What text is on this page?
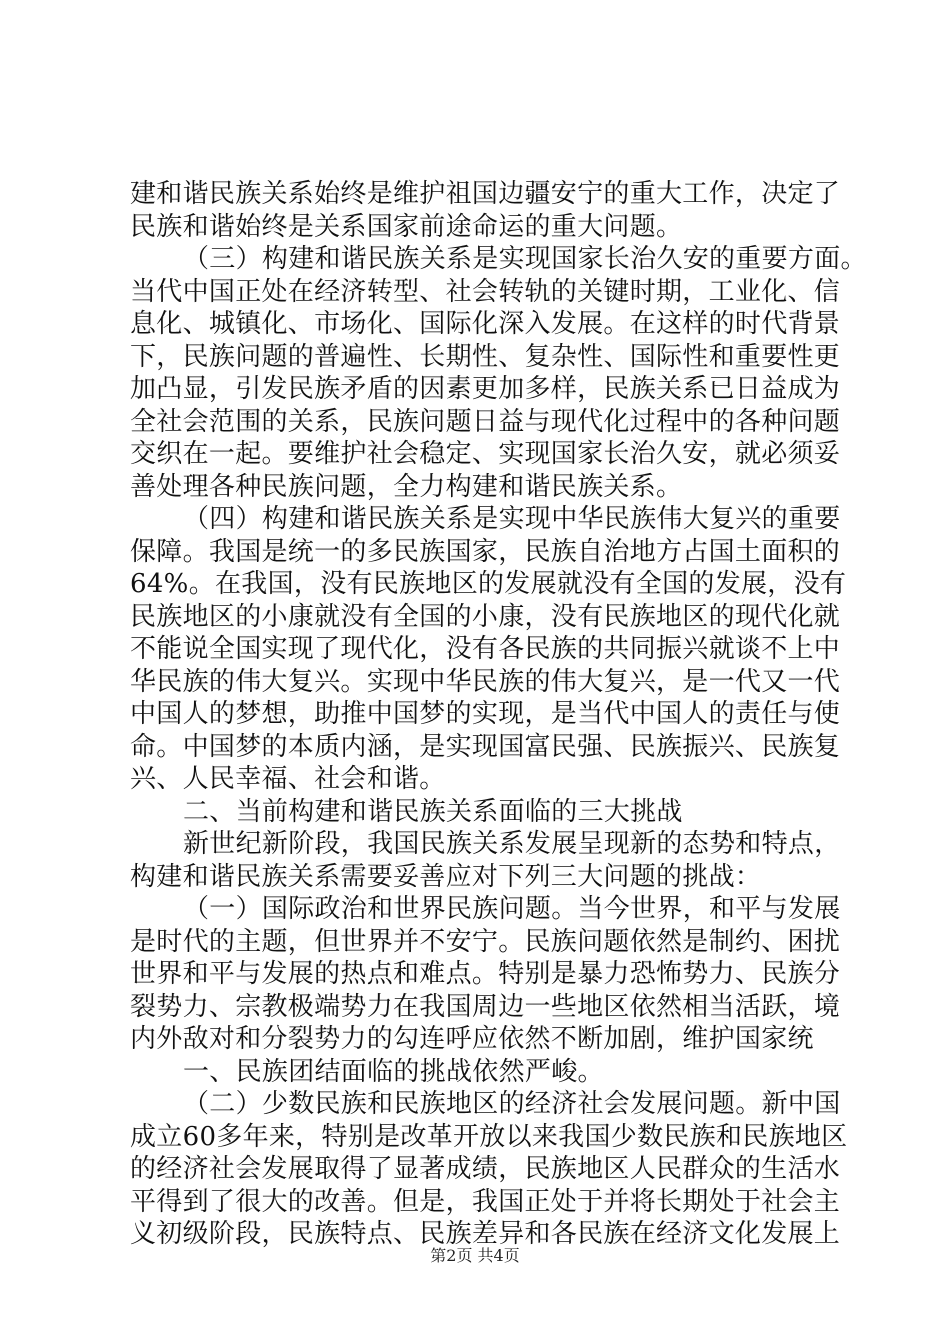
建和谐民族关系始终是维护祖国边疆安宁的重大工作，决定了
民族和谐始终是关系国家前途命运的重大问题。
（三）构建和谐民族关系是实现国家长治久安的重要方面。
当代中国正处在经济转型、社会转轨的关键时期，工业化、信
息化、城镇化、市场化、国际化深入发展。在这样的时代背景
下，民族问题的普遍性、长期性、复杂性、国际性和重要性更
加凸显，引发民族矛盾的因素更加多样，民族关系已日益成为
全社会范围的关系，民族问题日益与现代化过程中的各种问题
交织在一起。要维护社会稳定、实现国家长治久安，就必须妥
善处理各种民族问题，全力构建和谐民族关系。
（四）构建和谐民族关系是实现中华民族伟大复兴的重要
保障。我国是统一的多民族国家，民族自治地方占国土面积的
64%。在我国，没有民族地区的发展就没有全国的发展，没有
民族地区的小康就没有全国的小康，没有民族地区的现代化就
不能说全国实现了现代化，没有各民族的共同振兴就谈不上中
华民族的伟大复兴。实现中华民族的伟大复兴，是一代又一代
中国人的梦想，助推中国梦的实现，是当代中国人的责任与使
命。中国梦的本质内涵，是实现国富民强、民族振兴、民族复
兴、人民幸福、社会和谐。
二、当前构建和谐民族关系面临的三大挑战
新世纪新阶段，我国民族关系发展呈现新的态势和特点，
构建和谐民族关系需要妥善应对下列三大问题的挑战：
（一）国际政治和世界民族问题。当今世界，和平与发展
是时代的主题，但世界并不安宁。民族问题依然是制约、困扰
世界和平与发展的热点和难点。特别是暴力恐怖势力、民族分
裂势力、宗教极端势力在我国周边一些地区依然相当活跃，境
内外敌对和分裂势力的勾连呼应依然不断加剧，维护国家统
一、民族团结面临的挑战依然严峻。
（二）少数民族和民族地区的经济社会发展问题。新中国
成立60多年来，特别是改革开放以来我国少数民族和民族地区
的经济社会发展取得了显著成绩，民族地区人民群众的生活水
平得到了很大的改善。但是，我国正处于并将长期处于社会主
义初级阶段，民族特点、民族差异和各民族在经济文化发展上
第2页 共4页
